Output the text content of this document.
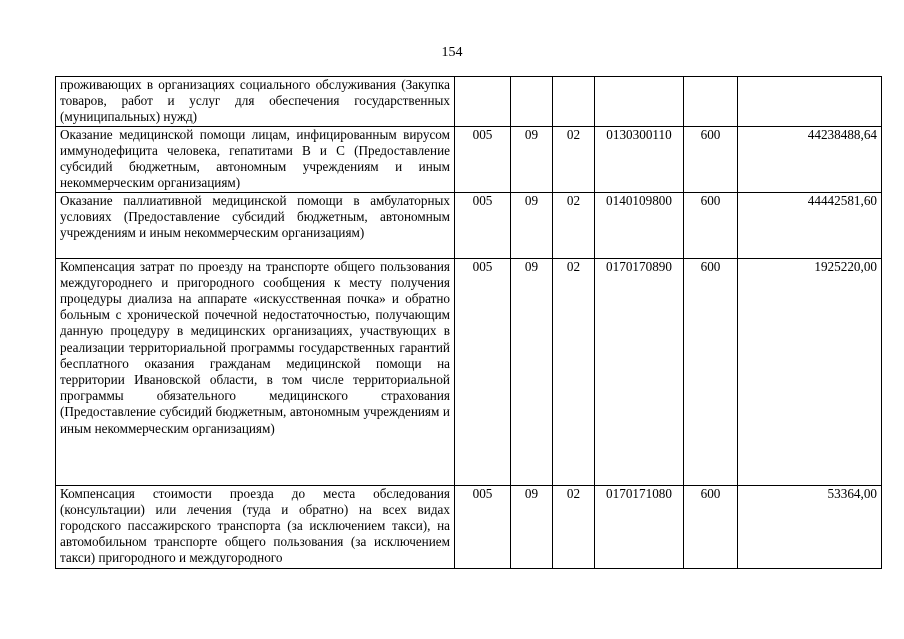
154
проживающих в организациях социального обслуживания (Закупка товаров, работ и услуг для обеспечения государственных (муниципальных) нужд)						
Оказание медицинской помощи лицам, инфицированным вирусом иммунодефицита человека, гепатитами В и С (Предоставление субсидий бюджетным, автономным учреждениям и иным некоммерческим организациям)	005	09	02	0130300110	600	44238488,64
Оказание паллиативной медицинской помощи в амбулаторных условиях (Предоставление субсидий бюджетным, автономным учреждениям и иным некоммерческим организациям)	005	09	02	0140109800	600	44442581,60
Компенсация затрат по проезду на транспорте общего пользования междугороднего и пригородного сообщения к месту получения процедуры диализа на аппарате «искусственная почка» и обратно больным с хронической почечной недостаточностью, получающим данную процедуру в медицинских организациях, участвующих в реализации территориальной программы государственных гарантий бесплатного оказания гражданам медицинской помощи на территории Ивановской области, в том числе территориальной программы обязательного медицинского страхования (Предоставление субсидий бюджетным, автономным учреждениям и иным некоммерческим организациям)	005	09	02	0170170890	600	1925220,00
Компенсация стоимости проезда до места обследования (консультации) или лечения (туда и обратно) на всех видах городского пассажирского транспорта (за исключением такси), на автомобильном транспорте общего пользования (за исключением такси) пригородного и междугородного	005	09	02	0170171080	600	53364,00
